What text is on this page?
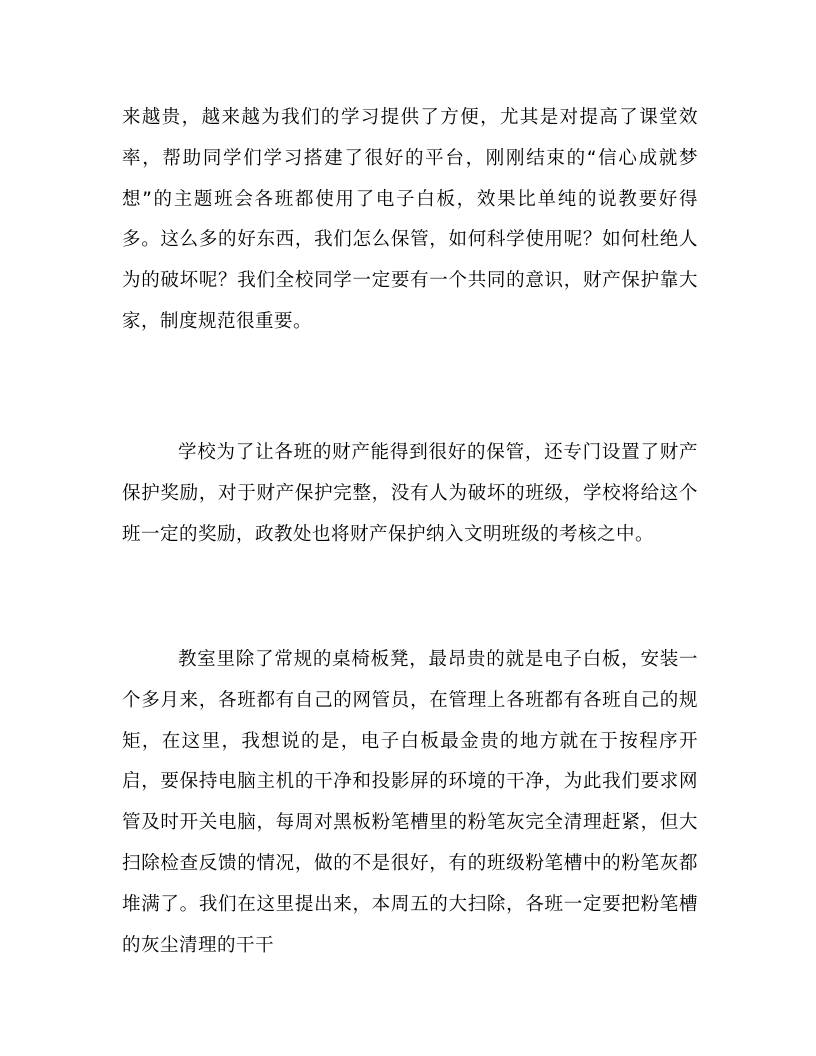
来越贵，越来越为我们的学习提供了方便，尤其是对提高了课堂效率，帮助同学们学习搭建了很好的平台，刚刚结束的“信心成就梦想”的主题班会各班都使用了电子白板，效果比单纯的说教要好得多。这么多的好东西，我们怎么保管，如何科学使用呢？如何杜绝人为的破坏呢？我们全校同学一定要有一个共同的意识，财产保护靠大家，制度规范很重要。

学校为了让各班的财产能得到很好的保管，还专门设置了财产保护奖励，对于财产保护完整，没有人为破坏的班级，学校将给这个班一定的奖励，政教处也将财产保护纳入文明班级的考核之中。

教室里除了常规的桌椅板凳，最昂贵的就是电子白板，安装一个多月来，各班都有自己的网管员，在管理上各班都有各班自己的规矩，在这里，我想说的是，电子白板最金贵的地方就在于按程序开启，要保持电脑主机的干净和投影屏的环境的干净，为此我们要求网管及时开关电脑，每周对黑板粉笔槽里的粉笔灰完全清理赶紧，但大扫除检查反馈的情况，做的不是很好，有的班级粉笔槽中的粉笔灰都堆满了。我们在这里提出来，本周五的大扫除，各班一定要把粉笔槽的灰尘清理的干干
